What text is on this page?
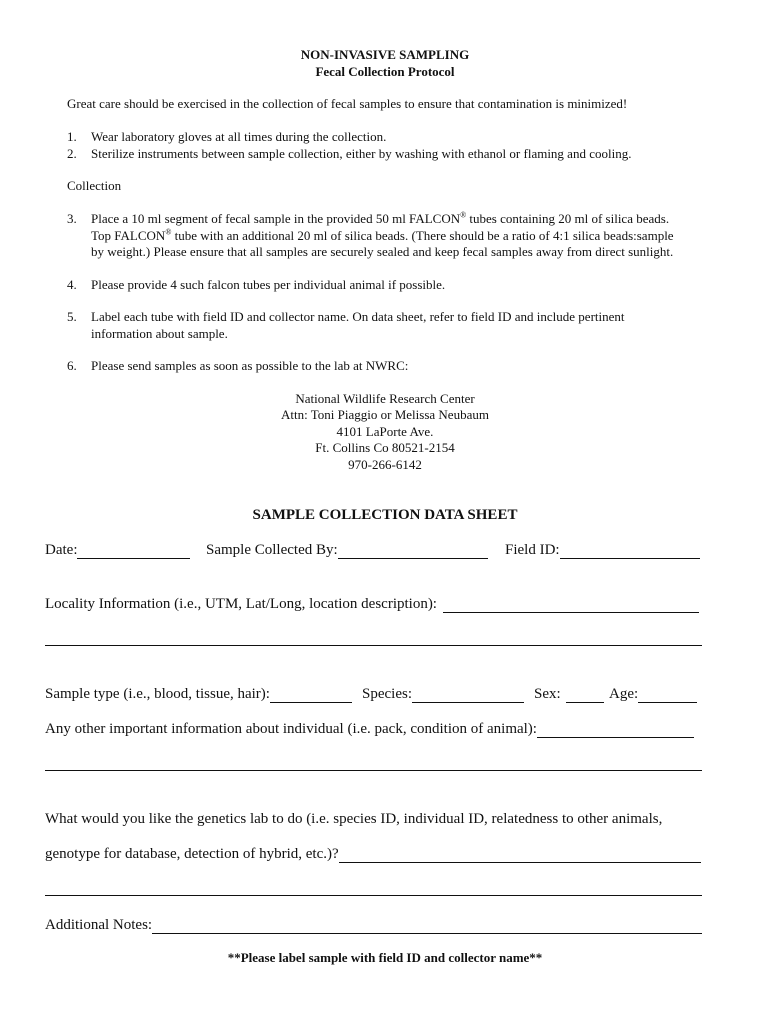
NON-INVASIVE SAMPLING
Fecal Collection Protocol
Great care should be exercised in the collection of fecal samples to ensure that contamination is minimized!
1. Wear laboratory gloves at all times during the collection.
2. Sterilize instruments between sample collection, either by washing with ethanol or flaming and cooling.
Collection
3. Place a 10 ml segment of fecal sample in the provided 50 ml FALCON® tubes containing 20 ml of silica beads.
Top FALCON® tube with an additional 20 ml of silica beads. (There should be a ratio of 4:1 silica beads:sample
by weight.) Please ensure that all samples are securely sealed and keep fecal samples away from direct sunlight.
4. Please provide 4 such falcon tubes per individual animal if possible.
5. Label each tube with field ID and collector name. On data sheet, refer to field ID and include pertinent
information about sample.
6. Please send samples as soon as possible to the lab at NWRC:
National Wildlife Research Center
Attn: Toni Piaggio or Melissa Neubaum
4101 LaPorte Ave.
Ft. Collins Co 80521-2154
970-266-6142
SAMPLE COLLECTION DATA SHEET
Date:	Sample Collected By:	Field ID:
Locality Information (i.e., UTM, Lat/Long, location description):
Sample type (i.e., blood, tissue, hair):	Species:	Sex:	Age:
Any other important information about individual (i.e. pack, condition of animal):
What would you like the genetics lab to do (i.e. species ID, individual ID, relatedness to other animals,
genotype for database, detection of hybrid, etc.)?
Additional Notes:
**Please label sample with field ID and collector name**
